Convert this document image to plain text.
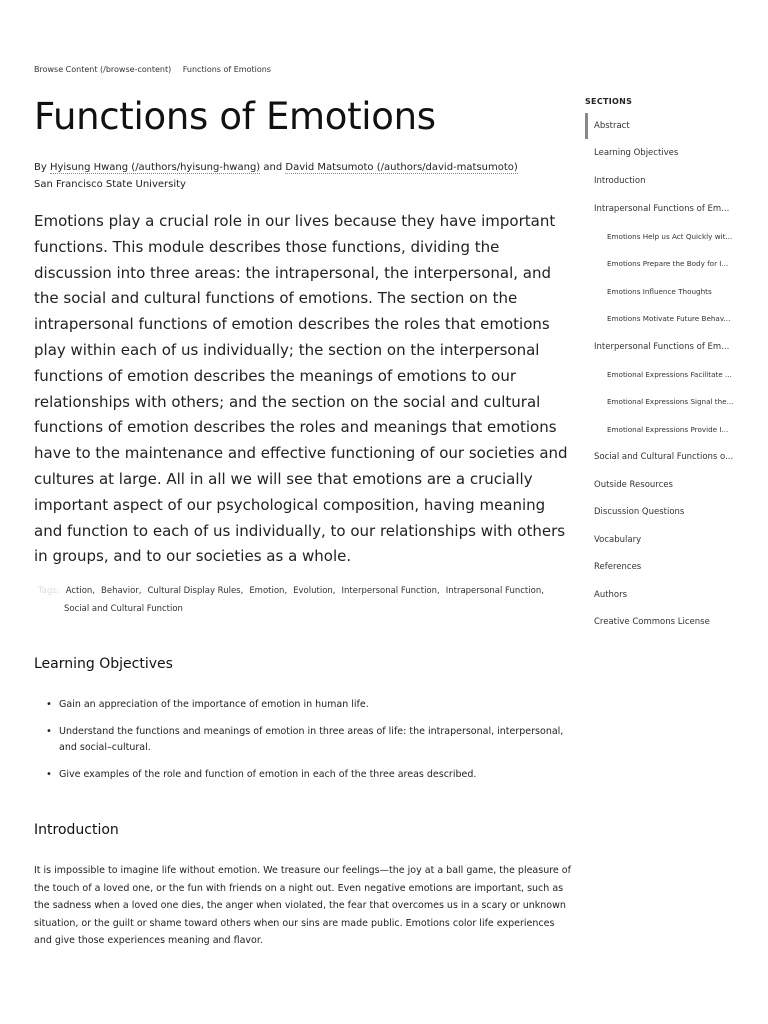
Browse Content (/browse-content) Functions of Emotions
Functions of Emotions
By Hyisung Hwang (/authors/hyisung-hwang) and David Matsumoto (/authors/david-matsumoto)
San Francisco State University

Emotions play a crucial role in our lives because they have important functions. This module describes those functions, dividing the discussion into three areas: the intrapersonal, the interpersonal, and the social and cultural functions of emotions. The section on the intrapersonal functions of emotion describes the roles that emotions play within each of us individually; the section on the interpersonal functions of emotion describes the meanings of emotions to our relationships with others; and the section on the social and cultural functions of emotion describes the roles and meanings that emotions have to the maintenance and effective functioning of our societies and cultures at large. All in all we will see that emotions are a crucially important aspect of our psychological composition, having meaning and function to each of us individually, to our relationships with others in groups, and to our societies as a whole.

Tags: Action, Behavior, Cultural Display Rules, Emotion, Evolution, Interpersonal Function, Intrapersonal Function,
Social and Cultural Function
Learning Objectives
• Gain an appreciation of the importance of emotion in human life.
• Understand the functions and meanings of emotion in three areas of life: the intrapersonal, interpersonal, and social–cultural.
• Give examples of the role and function of emotion in each of the three areas described.
Introduction

It is impossible to imagine life without emotion. We treasure our feelings—the joy at a ball game, the pleasure of the touch of a loved one, or the fun with friends on a night out. Even negative emotions are important, such as the sadness when a loved one dies, the anger when violated, the fear that overcomes us in a scary or unknown situation, or the guilt or shame toward others when our sins are made public. Emotions color life experiences and give those experiences meaning and flavor.

SECTIONS
Abstract
Learning Objectives
Introduction
Intrapersonal Functions of Em...
Emotions Help us Act Quickly wit...
Emotions Prepare the Body for I...
Emotions Influence Thoughts
Emotions Motivate Future Behav...
Interpersonal Functions of Em...
Emotional Expressions Facilitate ...
Emotional Expressions Signal the...
Emotional Expressions Provide I...
Social and Cultural Functions o...
Outside Resources
Discussion Questions
Vocabulary
References
Authors
Creative Commons License
